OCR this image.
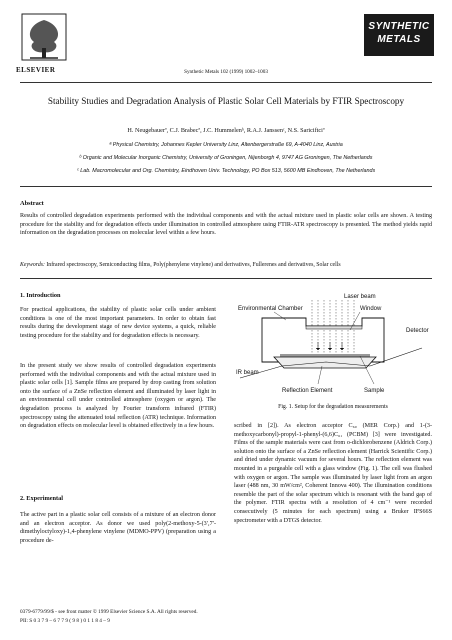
ELSEVIER	Synthetic Metals 102 (1999) 1002–1003
SYNTHETIC
METALS
Stability Studies and Degradation Analysis of Plastic Solar Cell Materials by FTIR Spectroscopy
H. Neugebauerª, C.J. Brabecª, J.C. Hummelenᵇ, R.A.J. Janssenᶜ, N.S. Sariciftciª
ª Physical Chemistry, Johannes Kepler University Linz, Altenbergerstraße 69, A-4040 Linz, Austria
ᵇ Organic and Molecular Inorganic Chemistry, University of Groningen, Nijenborgh 4, 9747 AG Groningen, The Netherlands
ᶜ Lab. Macromolecular and Org. Chemistry, Eindhoven Univ. Technology, PO Box 513, 5600 MB Eindhoven, The Netherlands
Abstract
Results of controlled degradation experiments performed with the individual components and with the actual mixture used in plastic solar cells are shown. A testing procedure for the stability and for degradation effects under illumination in controlled atmosphere using FTIR-ATR spectroscopy is presented. The method yields rapid information on the degradation processes on molecular level within a few hours.
Keywords: Infrared spectroscopy, Semiconducting films, Poly(phenylene vinylene) and derivatives, Fullerenes and derivatives, Solar cells
1. Introduction
For practical applications, the stability of plastic solar cells under ambient conditions is one of the most important parameters. In order to obtain fast results during the development stage of new device systems, a quick, reliable testing procedure for the stability and for degradation effects is necessary.
In the present study we show results of controlled degradation experiments performed with the individual components and with the actual mixture used in plastic solar cells [1]. Sample films are prepared by drop casting from solution onto the surface of a ZnSe reflection element and illuminated by laser light in an environmental cell under controlled atmosphere (oxygen or argon). The degradation process is analyzed by Fourier transform infrared (FTIR) spectroscopy using the attenuated total reflection (ATR) technique. Information on degradation effects on molecular level is obtained effectively in a few hours.
2. Experimental
The active part in a plastic solar cell consists of a mixture of an electron donor and an electron acceptor. As donor we used poly(2-methoxy-5-(3′,7′-dimethyloctyloxy)-1,4-phenylene vinylene (MDMO-PPV) (preparation using a procedure de-
Environmental Chamber
Laser beam
Window
Detector
IR beam
Reflection Element	Sample
Fig. 1. Setup for the degradation measurements
scribed in [2]). As electron acceptor C₆₀ (MER Corp.) and 1-(3-methoxycarbonyl)-propyl-1-phenyl-(6,6)C₆₁ (PCBM) [3] were investigated. Films of the sample materials were cast from o-dichlorobenzene (Aldrich Corp.) solution onto the surface of a ZnSe reflection element (Harrick Scientific Corp.) and dried under dynamic vacuum for several hours. The reflection element was mounted in a purgeable cell with a glass window (Fig. 1). The cell was flushed with oxygen or argon. The sample was illuminated by laser light from an argon laser (488 nm, 30 mW/cm², Coherent Innova 400). The illumination conditions resemble the part of the solar spectrum which is resonant with the band gap of the polymer. FTIR spectra with a resolution of 4 cm⁻¹ were recorded consecutively (5 minutes for each spectrum) using a Bruker IFS66S spectrometer with a DTGS detector.
0379-6779/99/$ - see front matter © 1999 Elsevier Science S.A. All rights reserved.
PII: S 0 3 7 9 – 6 7 7 9 ( 9 8 ) 0 1 1 8 4 – 9
